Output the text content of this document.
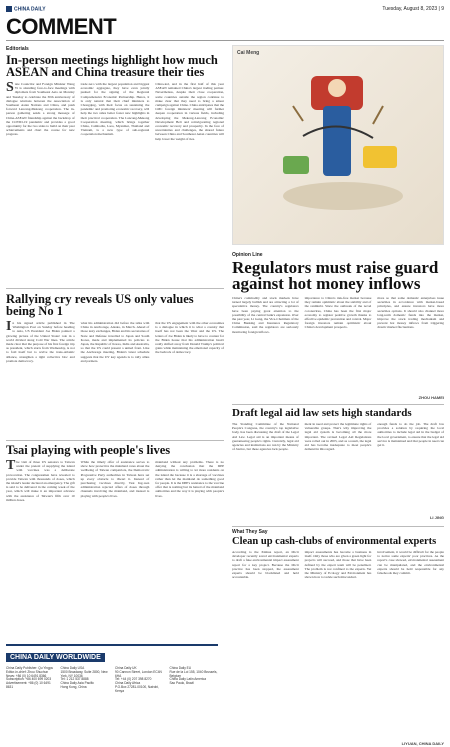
CHINA DAILY	Tuesday, August 8, 2023 | 9
COMMENT
Editorials
In-person meetings highlight how much ASEAN and China treasure their ties
S tate Councilor and Foreign Minister Wang Yi is attending face-to-face meetings with diplomats from Southeast Asia on Monday and Tuesday to celebrate the 30th anniversary of dialogue relations between the Association of Southeast Asian Nations and China, and push forward Lancang-Mekong cooperation. The in-person gathering sends a strong message of China-ASEAN friendship against the backdrop of the COVID-19 pandemic and provides a good opportunity for the two sides to build on their past achievements and chart the course for new progress.

trade zero with the largest population and biggest economic aggregate, they have even jointly pushed for the signing of the Regional Comprehensive Economic Partnership. Hence, it is only natural that their chief ministers to Chongqing, with their focus on sustaining the pandemic and promoting economic recovery, will help the two sides better foster new highlights in their practical cooperation. The Lancang-Mekong Cooperation meeting, which brings together China, Cambodia, Laos, Myanmar, Thailand and Vietnam, is a new type of sub-regional cooperation mechanism.

China-led, and in the first half of this year ASEAN remained China's largest trading partner. Nevertheless, despite their close cooperation, some countries outside the region continue to make clear that they need to bring a smear campaign against China. China anticipates that the LMC foreign ministers' meeting will further deepen cooperation in various fields, including developing the Mekong-Lancang Economic Development Belt and reinvigorating regional economic recovery and prosperity. In the face of uncertainties and challenges, the shared future between China and Southeast Asian countries will help lower the weight of ties.

Rallying cry reveals US only values being No 1
I n his signed article published in The Washington Post on Sunday before heading to Asia, US President Joe Biden painted a glowing picture of the United States' role in a world divided along Cold War lines. The article made clear that the purpose of his first foreign trip as president, which starts from Wednesday, is not to fold itself but to revive the trans-Atlantic alliance, strengthen a tight collective bloc and promote democracy.

what his administration did before the talks with China in Anchorage, Alaska, in March. Ahead of those testy exchanges, Biden and his secretaries of State and Defense travelled to Japan and South Korea, made and implemented its policies to Japan, the Republic of Korea, India and Australia, so that the US could present a united front. Like the Anchorage meeting, Biden's latest schedule suggests that the US' key agenda is to rally allies and partners.

that the US engagement with the other economies is a dialogue in which it is what a country that itself has not been the West and the US. The letters of Joe Biden is likely to have to counter for the Biden house that his administration hasn't really shifted away from Donald Trump's political gains while maintaining the emotional capacity of the bedrock of democracy.

Tsai playing with people's lives
T he visit of three US senators to Taiwan under the pretext of supplying the island with vaccines was a deliberate provocation. The congressmen have revealed to provide Taiwan with thousands of doses, which the island's leader declared an emergency. The gift is said to be delivered in the coming week of the year, which will make it an important advance with the assistance of Taiwan's fifth over 10 million doses.

While the timely offer of assistance serves to show how protective the mainland cares about the wellbeing of Taiwan compatriots, the Democratic Progressive Party authorities in Taiwan have set up every obstacle to thwart it. Instead of purchasing vaccines directly, Tsai Ing-wen administration rejected offers of doses through channels involving the mainland, and instead is playing with people's lives.

mainland without any problems. There is no denying the conclusion that the DPP administration is willing to let more residents on the island die because it is a shortage of vaccines rather than let the mainland do something good for people. It is the DPP's resistance to the vaccine offer that is nothing but its hatred of the mainland authorities and the way it is playing with people's lives.

Cai Meng
Opinion Line
Regulators must raise guard against hot money inflows

China's commodity and stock markets have turned largely bullish and are attracting a lot of speculative money. The country's regulators have been paying great attention to the possibility of the central bank's expansion. Over the past year, Li Gang, the Vice-Chairman of the China Banking and Insurance Regulatory Commission, said the regulators are seriously monitoring foreign inflows.

importance to China's risk-free market because they remain optimistic about the stability and of the renminbi. Since the outbreak of the novel coronavirus, China has been the first major economy to register positive growth thanks to effective epidemic prevention and control. Major foreign investors remain optimistic about China's development prospects.

more so that some domestic enterprises issue securities in accordance with market-based principles, and ensure investors have more securities options. It should also channel more long-term domestic funds into the market, improve the stock trading mechanism and prevent hot money inflows from triggering drastic market fluctuations.

ZHOU HAMEI
Draft legal aid law sets high standards

The Standing Committee of the National People's Congress, the country's top legislative body, has been discussing the draft of the Legal Aid Law. Legal aid is an important means of guaranteeing people's rights. Currently, legal aid agencies and institutions are run by the Ministry of Justice, but these agencies lack people.

ment in need and protect the legitimate rights of vulnerable groups. That's why improving the legal aid system is becoming all the more important. The revised Legal Aid Regulations were rolled out in 2003, and as a result, the legal aid has become inadequate to meet people's demand in this regard.

enough funds to do the job. The draft law provides a solution by requiring the local authorities to include legal aid in the budget of the local government, to ensure that the legal aid service is maintained and that people in need can get it.

LI JING
What They Say
Clean up cash-clubs of environmental experts

According to the Xinhua report, an illicit developer recently saved environmental experts to draft a fake environmental impact assessment report for a key project. Because the illicit practice has been stopped, the assessment experts should be blacklisted and held accountable.

impact assessments has become a business in itself. Only those who are given a green light for projects will succeed, and those that have been defined by the expert team will be penalized. The problem is not confined to the experts. Yet the Ministry of Ecology and Environment has shown how to tackle such misconduct.

involvement, it would be difficult for the people to notice some experts' poor practices. As the report's case showed, environmental assessment can be manipulated, and the environmental experts should be held responsible for any falsehoods they commit.

LIYUAN, CHINA DAILY
CHINA DAILY WORLDWIDE
China Daily Publisher: Qu Yingpu
Editor-in-chief: Zhou Shuchun
News: +86 (0) 10 6491 8366
Subscription: +86 400 699 0203
Advertisement: +86 (0) 10 6491 8631
China Daily USA
1500 Broadway, Suite 2800, New York, NY 10036
Tel: 1 212 537 8888
China Daily Asia Pacific
Hong Kong, China
China Daily UK
90 Cannon Street, London EC4N 6HA
Tel: +44 (0) 207 398 8270
China Daily Africa
P.O.Box 27281-00100, Nairobi, Kenya
China Daily EU
Rue de la Loi 155, 1040 Brussels, Belgium
China Daily Latin America
Sao Paulo, Brazil
